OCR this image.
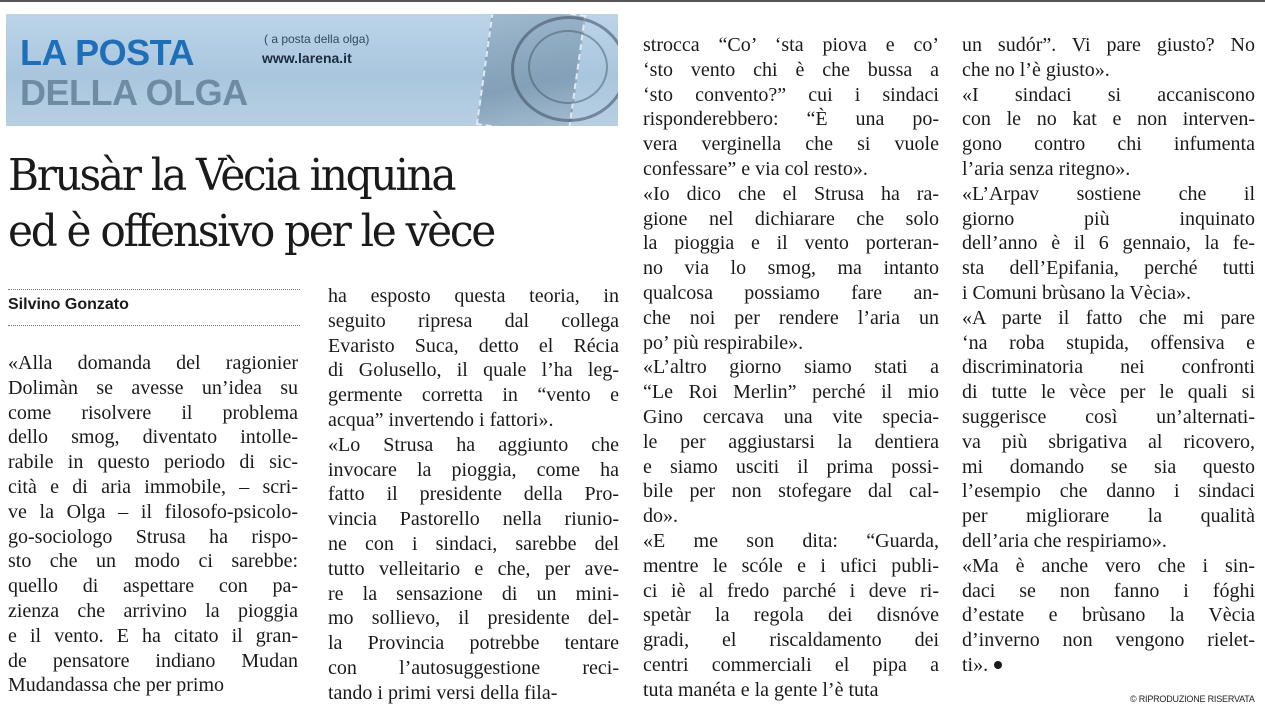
LA POSTA
DELLA OLGA
( a posta della olga)
www.larena.it
Brusàr la Vècia inquina
ed è offensivo per le vèce
Silvino Gonzato
«Alla domanda del ragionier
Dolimàn se avesse un’idea su
come risolvere il problema
dello smog, diventato intolle-
rabile in questo periodo di sic-
cità e di aria immobile, – scri-
ve la Olga – il filosofo-psicolo-
go-sociologo Strusa ha rispo-
sto che un modo ci sarebbe:
quello di aspettare con pa-
zienza che arrivino la pioggia
e il vento. E ha citato il gran-
de pensatore indiano Mudan
Mudandassa che per primo
ha esposto questa teoria, in
seguito ripresa dal collega
Evaristo Suca, detto el Récia
di Golusello, il quale l’ha leg-
germente corretta in “vento e
acqua” invertendo i fattori».
«Lo Strusa ha aggiunto che
invocare la pioggia, come ha
fatto il presidente della Pro-
vincia Pastorello nella riunio-
ne con i sindaci, sarebbe del
tutto velleitario e che, per ave-
re la sensazione di un mini-
mo sollievo, il presidente del-
la Provincia potrebbe tentare
con l’autosuggestione reci-
tando i primi versi della fila-
strocca “Co’ ‘sta piova e co’
‘sto vento chi è che bussa a
‘sto convento?” cui i sindaci
risponderebbero: “È una po-
vera verginella che si vuole
confessare” e via col resto».
«Io dico che el Strusa ha ra-
gione nel dichiarare che solo
la pioggia e il vento porteran-
no via lo smog, ma intanto
qualcosa possiamo fare an-
che noi per rendere l’aria un
po’ più respirabile».
«L’altro giorno siamo stati a
“Le Roi Merlin” perché il mio
Gino cercava una vite specia-
le per aggiustarsi la dentiera
e siamo usciti il prima possi-
bile per non stofegare dal cal-
do».
«E me son dita: “Guarda,
mentre le scóle e i ufici publi-
ci iè al fredo parché i deve ri-
spetàr la regola dei disnóve
gradi, el riscaldamento dei
centri commerciali el pipa a
tuta manéta e la gente l’è tuta
un sudór”. Vi pare giusto? No
che no l’è giusto».
«I sindaci si accaniscono
con le no kat e non interven-
gono contro chi infumenta
l’aria senza ritegno».
«L’Arpav sostiene che il
giorno più inquinato
dell’anno è il 6 gennaio, la fe-
sta dell’Epifania, perché tutti
i Comuni brùsano la Vècia».
«A parte il fatto che mi pare
‘na roba stupida, offensiva e
discriminatoria nei confronti
di tutte le vèce per le quali si
suggerisce così un’alternati-
va più sbrigativa al ricovero,
mi domando se sia questo
l’esempio che danno i sindaci
per migliorare la qualità
dell’aria che respiriamo».
«Ma è anche vero che i sin-
daci se non fanno i fóghi
d’estate e brùsano la Vècia
d’inverno non vengono rielet-
ti».
© RIPRODUZIONE RISERVATA
